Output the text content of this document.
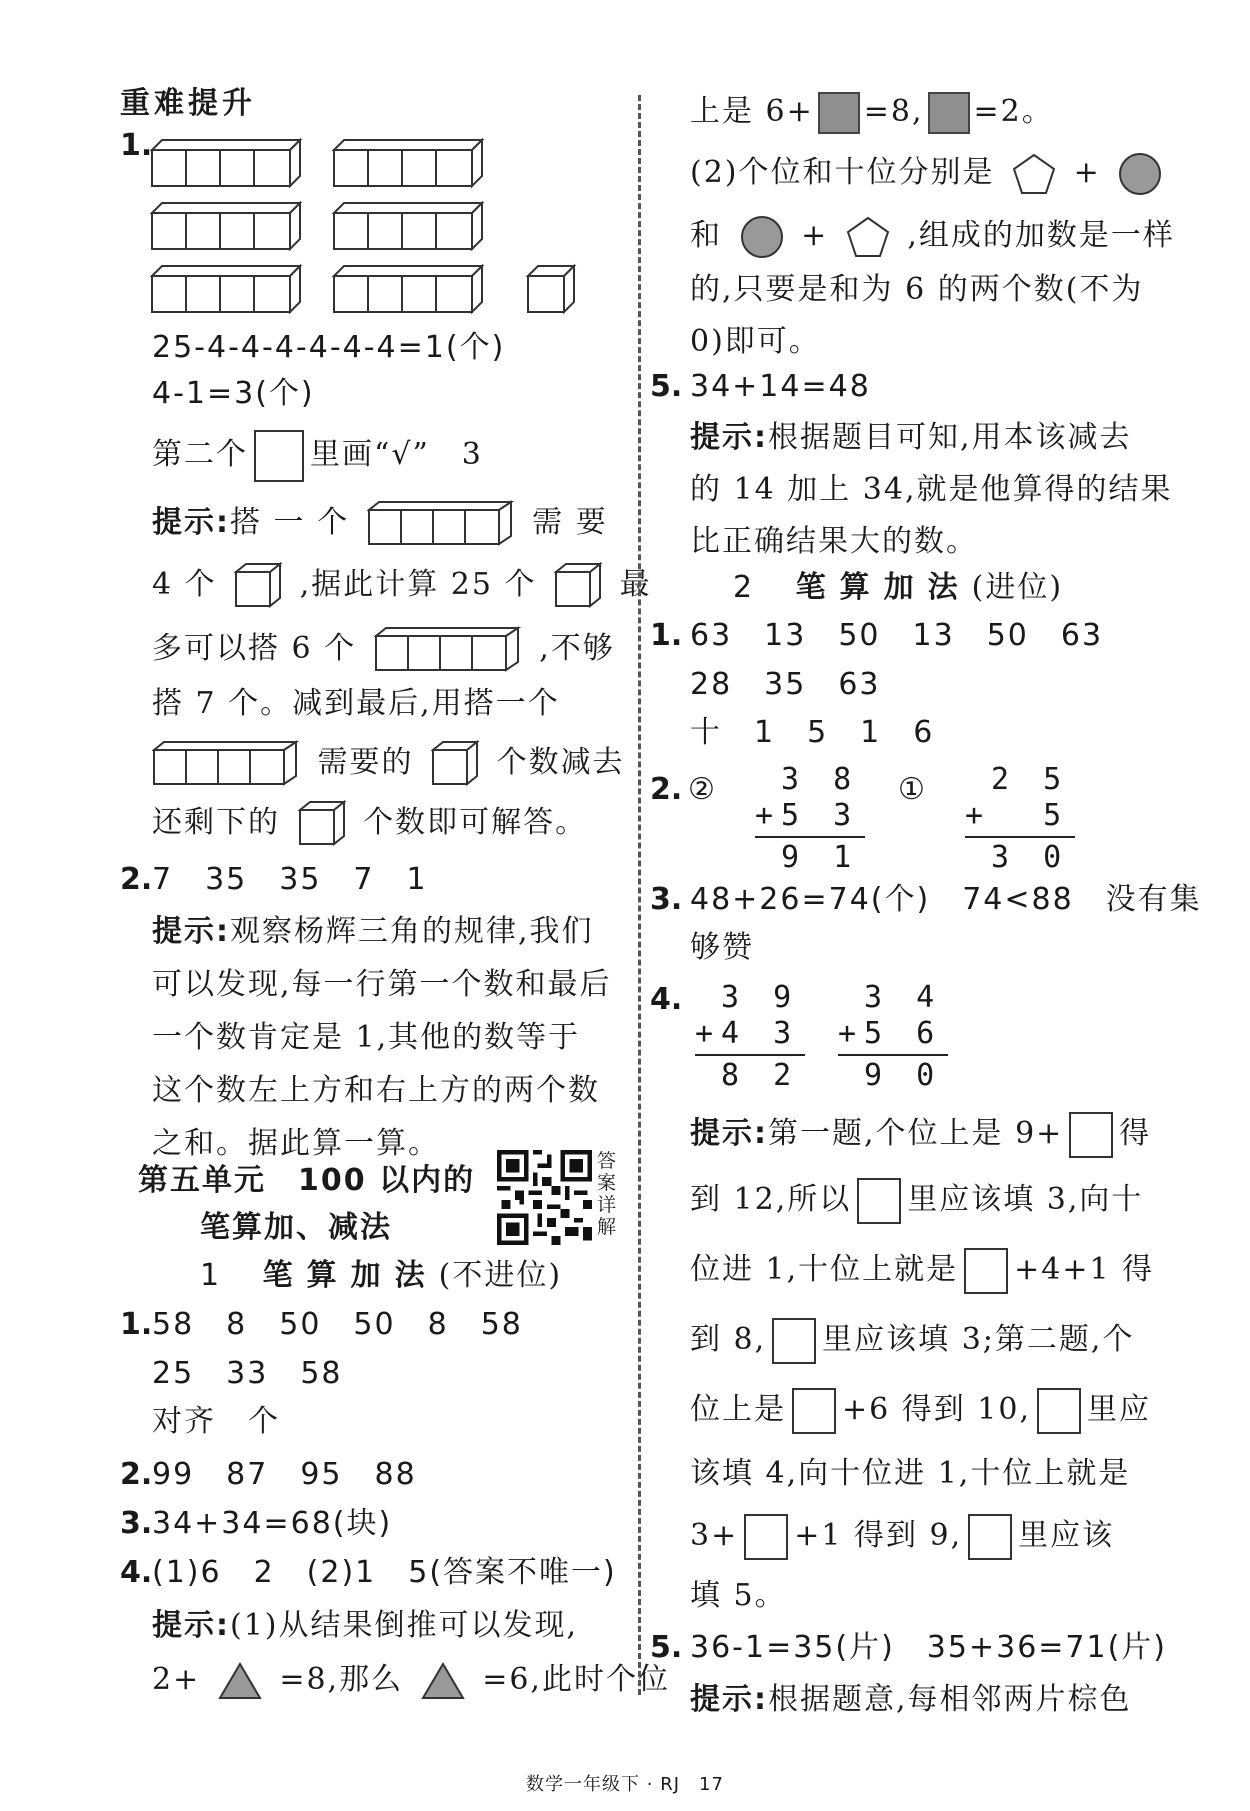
重难提升
1.
25-4-4-4-4-4-4=1(个)
4-1=3(个)
第二个 里画“√”　3
提示:搭 一 个	需 要
4 个	,据此计算 25 个	最
多可以搭 6 个	,不够
搭 7 个。减到最后,用搭一个
需要的	个数减去
还剩下的	个数即可解答。
2. 7　35　35　7　1
提示:观察杨辉三角的规律,我们
可以发现,每一行第一个数和最后
一个数肯定是 1,其他的数等于
这个数左上方和右上方的两个数
之和。据此算一算。
第五单元　100 以内的
笔算加、减法
答
案
详
解
1 笔算加法(不进位)
1. 58　8　50　50　8　58
25　33　58
对齐　个
2. 99　87　95　88
3. 34+34=68(块)
4. (1)6　2　(2)1　5(答案不唯一)
提示:(1)从结果倒推可以发现,
2+	=8,那么	=6,此时个位
上是 6+ =8, =2。
(2)个位和十位分别是	+
和	+	,组成的加数是一样
的,只要是和为 6 的两个数(不为
0)即可。
5. 34+14=48
提示:根据题目可知,用本该减去
的 14 加上 34,就是他算得的结果
比正确结果大的数。
2 笔算加法(进位)
1. 63　13　50　13　50　63
28　35　63
十　1　5　1　6
2. ② 3 8
+5 3
9 1
① 2 5
+  5
3 0
3. 48+26=74(个)　74<88　没有集
够赞
4. 3 9
+4 3
8 2
3 4
+5 6
9 0
提示:第一题,个位上是 9+ 得
到 12,所以 里应该填 3,向十
位进 1,十位上就是 +4+1 得
到 8, 里应该填 3;第二题,个
位上是 +6 得到 10, 里应
该填 4,向十位进 1,十位上就是
3+ +1 得到 9, 里应该
填 5。
5. 36-1=35(片)　35+36=71(片)
提示:根据题意,每相邻两片棕色
数学一年级下 · RJ　17
